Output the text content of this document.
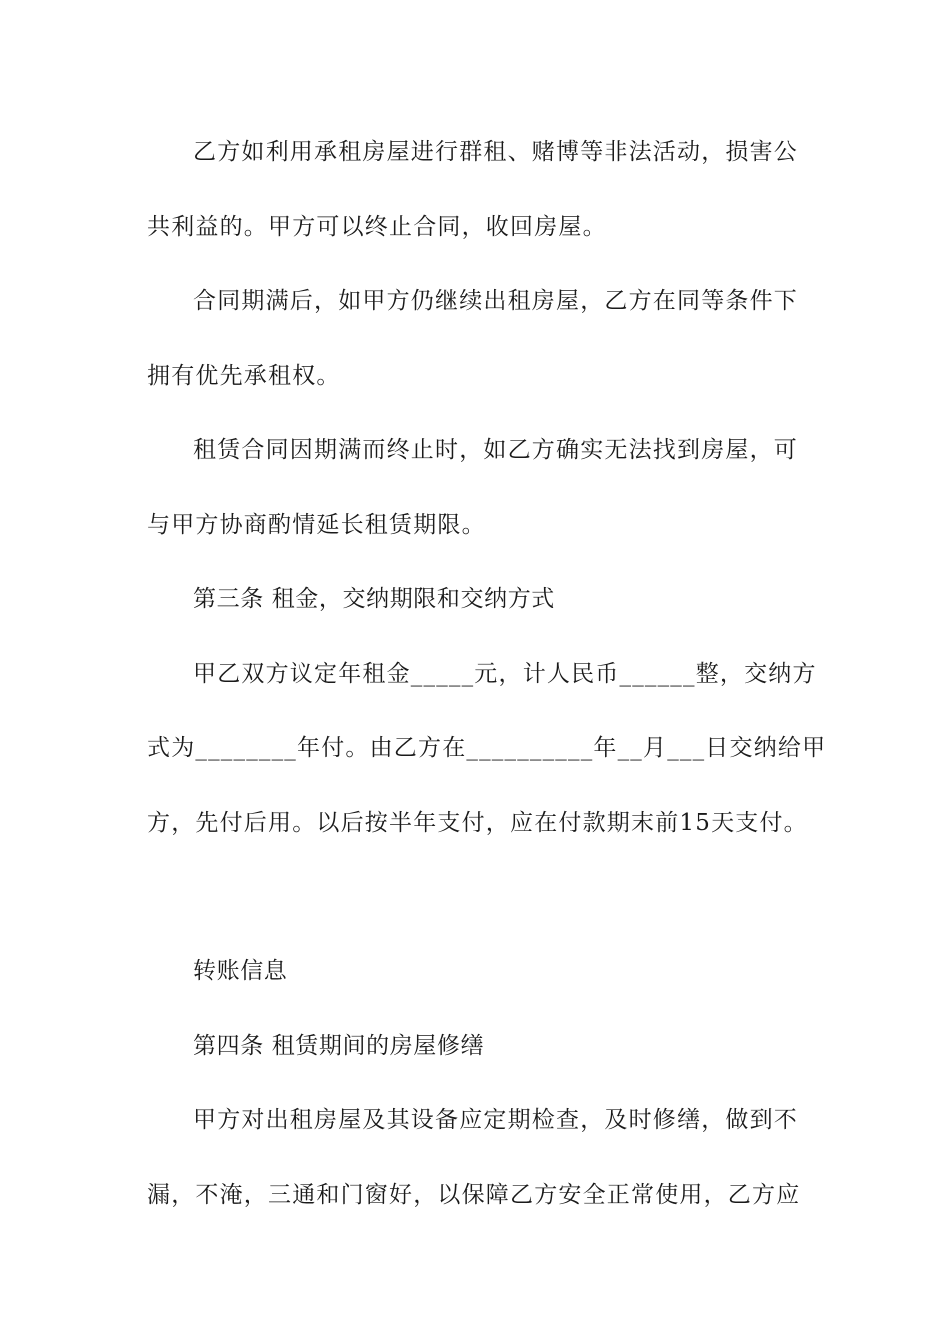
乙方如利用承租房屋进行群租、赌博等非法活动，损害公
共利益的。甲方可以终止合同，收回房屋。
合同期满后，如甲方仍继续出租房屋，乙方在同等条件下
拥有优先承租权。
租赁合同因期满而终止时，如乙方确实无法找到房屋，可
与甲方协商酌情延长租赁期限。
第三条 租金，交纳期限和交纳方式
甲乙双方议定年租金_____元，计人民币______整，交纳方
式为________年付。由乙方在__________年__月___日交纳给甲
方，先付后用。以后按半年支付，应在付款期末前15天支付。
转账信息
第四条 租赁期间的房屋修缮
甲方对出租房屋及其设备应定期检查，及时修缮，做到不
漏，不淹，三通和门窗好，以保障乙方安全正常使用，乙方应
